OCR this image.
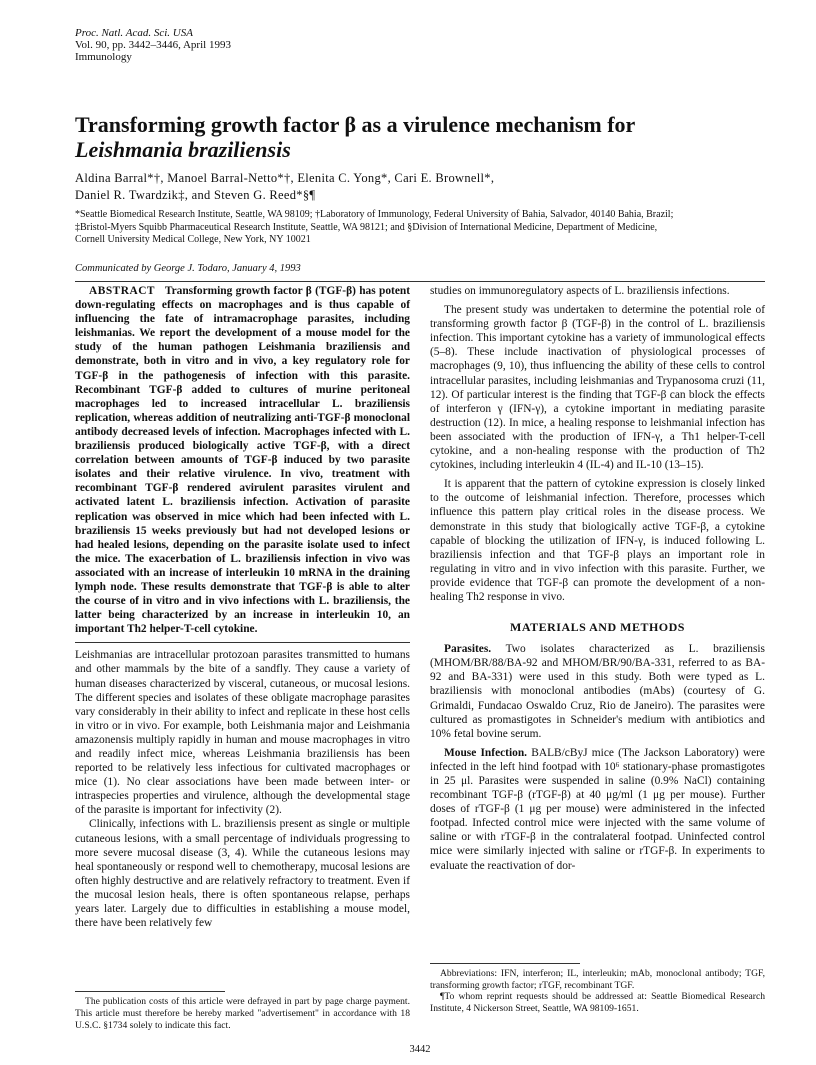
Proc. Natl. Acad. Sci. USA
Vol. 90, pp. 3442–3446, April 1993
Immunology
Transforming growth factor β as a virulence mechanism for
Leishmania braziliensis
Aldina Barral*†, Manoel Barral-Netto*†, Elenita C. Yong*, Cari E. Brownell*,
Daniel R. Twardzik‡, and Steven G. Reed*§¶
*Seattle Biomedical Research Institute, Seattle, WA 98109; †Laboratory of Immunology, Federal University of Bahia, Salvador, 40140 Bahia, Brazil;
‡Bristol-Myers Squibb Pharmaceutical Research Institute, Seattle, WA 98121; and §Division of International Medicine, Department of Medicine,
Cornell University Medical College, New York, NY 10021
Communicated by George J. Todaro, January 4, 1993

ABSTRACT Transforming growth factor β (TGF-β) has potent down-regulating effects on macrophages and is thus capable of influencing the fate of intramacrophage parasites, including leishmanias. We report the development of a mouse model for the study of the human pathogen Leishmania braziliensis and demonstrate, both in vitro and in vivo, a key regulatory role for TGF-β in the pathogenesis of infection with this parasite. Recombinant TGF-β added to cultures of murine peritoneal macrophages led to increased intracellular L. braziliensis replication, whereas addition of neutralizing anti-TGF-β monoclonal antibody decreased levels of infection. Macrophages infected with L. braziliensis produced biologically active TGF-β, with a direct correlation between amounts of TGF-β induced by two parasite isolates and their relative virulence. In vivo, treatment with recombinant TGF-β rendered avirulent parasites virulent and activated latent L. braziliensis infection. Activation of parasite replication was observed in mice which had been infected with L. braziliensis 15 weeks previously but had not developed lesions or had healed lesions, depending on the parasite isolate used to infect the mice. The exacerbation of L. braziliensis infection in vivo was associated with an increase of interleukin 10 mRNA in the draining lymph node. These results demonstrate that TGF-β is able to alter the course of in vitro and in vivo infections with L. braziliensis, the latter being characterized by an increase in interleukin 10, an important Th2 helper-T-cell cytokine.

Leishmanias are intracellular protozoan parasites transmitted to humans and other mammals by the bite of a sandfly. They cause a variety of human diseases characterized by visceral, cutaneous, or mucosal lesions. The different species and isolates of these obligate macrophage parasites vary considerably in their ability to infect and replicate in these host cells in vitro or in vivo. For example, both Leishmania major and Leishmania amazonensis multiply rapidly in human and mouse macrophages in vitro and readily infect mice, whereas Leishmania braziliensis has been reported to be relatively less infectious for cultivated macrophages or mice (1). No clear associations have been made between inter- or intraspecies properties and virulence, although the developmental stage of the parasite is important for infectivity (2).

Clinically, infections with L. braziliensis present as single or multiple cutaneous lesions, with a small percentage of individuals progressing to more severe mucosal disease (3, 4). While the cutaneous lesions may heal spontaneously or respond well to chemotherapy, mucosal lesions are often highly destructive and are relatively refractory to treatment. Even if the mucosal lesion heals, there is often spontaneous relapse, perhaps years later. Largely due to difficulties in establishing a mouse model, there have been relatively few

studies on immunoregulatory aspects of L. braziliensis infections.

The present study was undertaken to determine the potential role of transforming growth factor β (TGF-β) in the control of L. braziliensis infection. This important cytokine has a variety of immunological effects (5–8). These include inactivation of physiological processes of macrophages (9, 10), thus influencing the ability of these cells to control intracellular parasites, including leishmanias and Trypanosoma cruzi (11, 12). Of particular interest is the finding that TGF-β can block the effects of interferon γ (IFN-γ), a cytokine important in mediating parasite destruction (12). In mice, a healing response to leishmanial infection has been associated with the production of IFN-γ, a Th1 helper-T-cell cytokine, and a non-healing response with the production of Th2 cytokines, including interleukin 4 (IL-4) and IL-10 (13–15).

It is apparent that the pattern of cytokine expression is closely linked to the outcome of leishmanial infection. Therefore, processes which influence this pattern play critical roles in the disease process. We demonstrate in this study that biologically active TGF-β, a cytokine capable of blocking the utilization of IFN-γ, is induced following L. braziliensis infection and that TGF-β plays an important role in regulating in vitro and in vivo infection with this parasite. Further, we provide evidence that TGF-β can promote the development of a non-healing Th2 response in vivo.

MATERIALS AND METHODS

Parasites. Two isolates characterized as L. braziliensis (MHOM/BR/88/BA-92 and MHOM/BR/90/BA-331, referred to as BA-92 and BA-331) were used in this study. Both were typed as L. braziliensis with monoclonal antibodies (mAbs) (courtesy of G. Grimaldi, Fundacao Oswaldo Cruz, Rio de Janeiro). The parasites were cultured as promastigotes in Schneider's medium with antibiotics and 10% fetal bovine serum.

Mouse Infection. BALB/cByJ mice (The Jackson Laboratory) were infected in the left hind footpad with 10⁶ stationary-phase promastigotes in 25 μl. Parasites were suspended in saline (0.9% NaCl) containing recombinant TGF-β (rTGF-β) at 40 μg/ml (1 μg per mouse). Further doses of rTGF-β (1 μg per mouse) were administered in the infected footpad. Infected control mice were injected with the same volume of saline or with rTGF-β in the contralateral footpad. Uninfected control mice were similarly injected with saline or rTGF-β. In experiments to evaluate the reactivation of dor-

The publication costs of this article were defrayed in part by page charge payment. This article must therefore be hereby marked "advertisement" in accordance with 18 U.S.C. §1734 solely to indicate this fact.

Abbreviations: IFN, interferon; IL, interleukin; mAb, monoclonal antibody; TGF, transforming growth factor; rTGF, recombinant TGF.

¶To whom reprint requests should be addressed at: Seattle Biomedical Research Institute, 4 Nickerson Street, Seattle, WA 98109-1651.

3442
